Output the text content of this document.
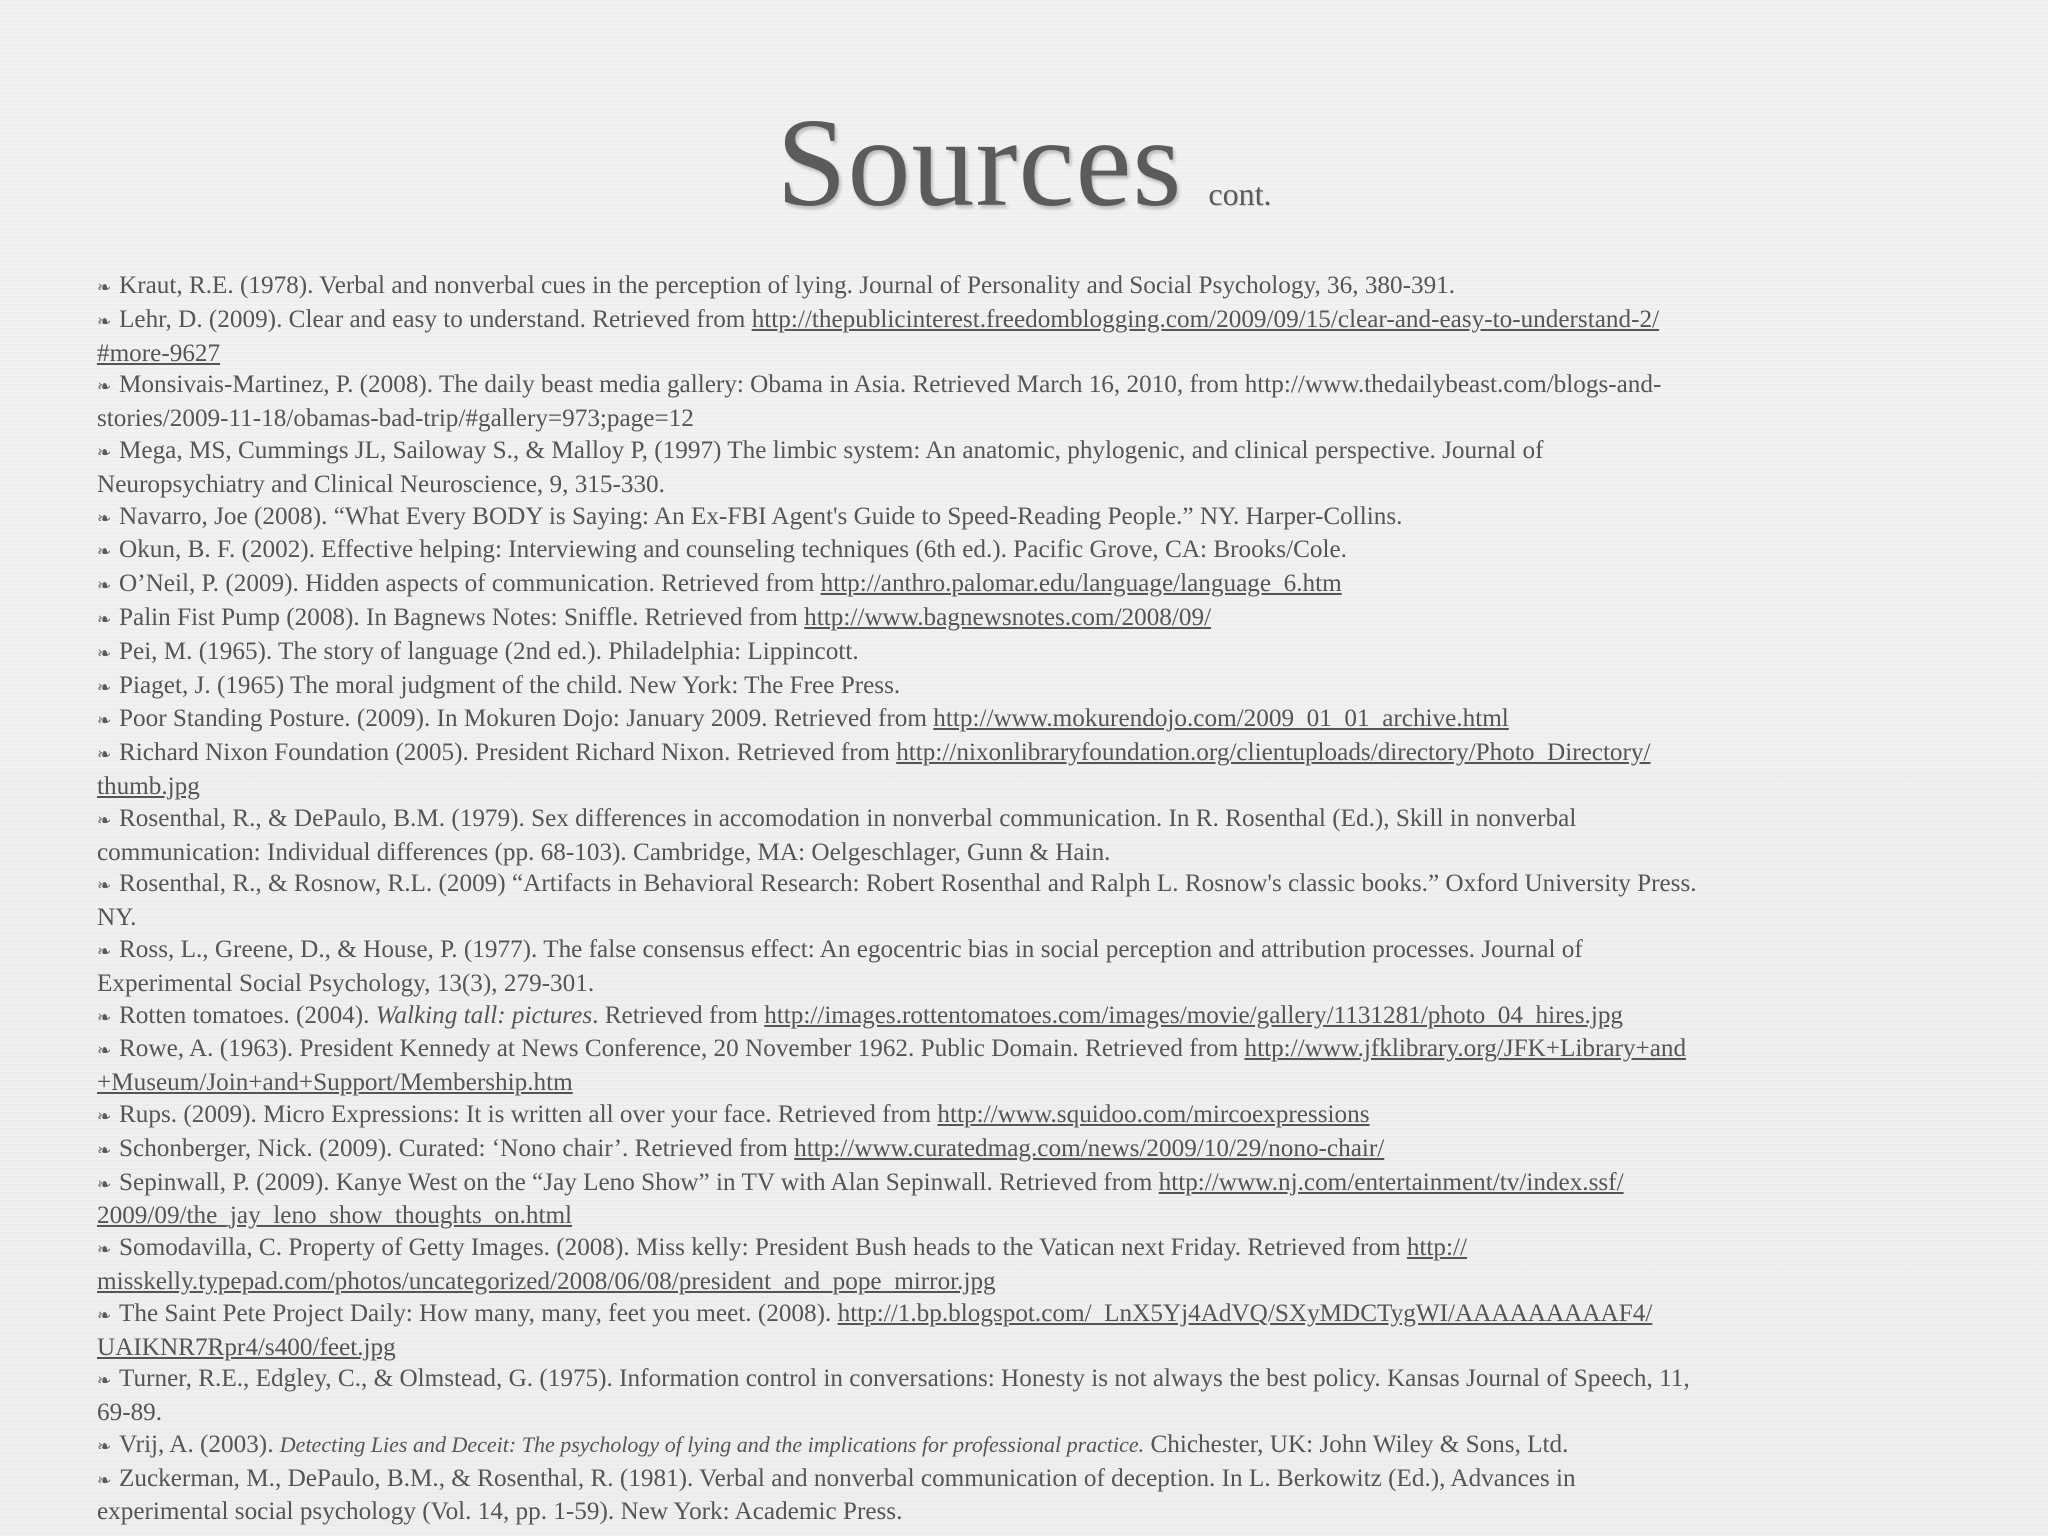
Sources cont.

❧ Kraut, R.E. (1978). Verbal and nonverbal cues in the perception of lying. Journal of Personality and Social Psychology, 36, 380-391.

❧ Lehr, D. (2009). Clear and easy to understand. Retrieved from http://thepublicinterest.freedomblogging.com/2009/09/15/clear-and-easy-to-understand-2/
#more-9627

❧ Monsivais-Martinez, P. (2008). The daily beast media gallery: Obama in Asia. Retrieved March 16, 2010, from http://www.thedailybeast.com/blogs-and-
stories/2009-11-18/obamas-bad-trip/#gallery=973;page=12

❧ Mega, MS, Cummings JL, Sailoway S., & Malloy P, (1997) The limbic system: An anatomic, phylogenic, and clinical perspective. Journal of
Neuropsychiatry and Clinical Neuroscience, 9, 315-330.

❧ Navarro, Joe (2008). “What Every BODY is Saying: An Ex-FBI Agent's Guide to Speed-Reading People.” NY. Harper-Collins.

❧ Okun, B. F. (2002). Effective helping: Interviewing and counseling techniques (6th ed.). Pacific Grove, CA: Brooks/Cole.

❧ O’Neil, P. (2009). Hidden aspects of communication. Retrieved from http://anthro.palomar.edu/language/language_6.htm

❧ Palin Fist Pump (2008). In Bagnews Notes: Sniffle. Retrieved from http://www.bagnewsnotes.com/2008/09/

❧ Pei, M. (1965). The story of language (2nd ed.). Philadelphia: Lippincott.

❧ Piaget, J. (1965) The moral judgment of the child. New York: The Free Press.

❧ Poor Standing Posture. (2009). In Mokuren Dojo: January 2009. Retrieved from http://www.mokurendojo.com/2009_01_01_archive.html

❧ Richard Nixon Foundation (2005). President Richard Nixon. Retrieved from http://nixonlibraryfoundation.org/clientuploads/directory/Photo_Directory/
thumb.jpg

❧ Rosenthal, R., & DePaulo, B.M. (1979). Sex differences in accomodation in nonverbal communication. In R. Rosenthal (Ed.), Skill in nonverbal
communication: Individual differences (pp. 68-103). Cambridge, MA: Oelgeschlager, Gunn & Hain.

❧ Rosenthal, R., & Rosnow, R.L. (2009) “Artifacts in Behavioral Research: Robert Rosenthal and Ralph L. Rosnow's classic books.” Oxford University Press.
NY.

❧ Ross, L., Greene, D., & House, P. (1977). The false consensus effect: An egocentric bias in social perception and attribution processes. Journal of
Experimental Social Psychology, 13(3), 279-301.

❧ Rotten tomatoes. (2004). Walking tall: pictures. Retrieved from http://images.rottentomatoes.com/images/movie/gallery/1131281/photo_04_hires.jpg

❧ Rowe, A. (1963). President Kennedy at News Conference, 20 November 1962. Public Domain. Retrieved from http://www.jfklibrary.org/JFK+Library+and
+Museum/Join+and+Support/Membership.htm

❧ Rups. (2009). Micro Expressions: It is written all over your face. Retrieved from http://www.squidoo.com/mircoexpressions

❧ Schonberger, Nick. (2009). Curated: ‘Nono chair’. Retrieved from http://www.curatedmag.com/news/2009/10/29/nono-chair/

❧ Sepinwall, P. (2009). Kanye West on the “Jay Leno Show” in TV with Alan Sepinwall. Retrieved from http://www.nj.com/entertainment/tv/index.ssf/
2009/09/the_jay_leno_show_thoughts_on.html

❧ Somodavilla, C. Property of Getty Images. (2008). Miss kelly: President Bush heads to the Vatican next Friday. Retrieved from http://
misskelly.typepad.com/photos/uncategorized/2008/06/08/president_and_pope_mirror.jpg

❧ The Saint Pete Project Daily: How many, many, feet you meet. (2008). http://1.bp.blogspot.com/_LnX5Yj4AdVQ/SXyMDCTygWI/AAAAAAAAAF4/
UAIKNR7Rpr4/s400/feet.jpg

❧ Turner, R.E., Edgley, C., & Olmstead, G. (1975). Information control in conversations: Honesty is not always the best policy. Kansas Journal of Speech, 11,
69-89.

❧ Vrij, A. (2003). Detecting Lies and Deceit: The psychology of lying and the implications for professional practice. Chichester, UK: John Wiley & Sons, Ltd.

❧ Zuckerman, M., DePaulo, B.M., & Rosenthal, R. (1981). Verbal and nonverbal communication of deception. In L. Berkowitz (Ed.), Advances in
experimental social psychology (Vol. 14, pp. 1-59). New York: Academic Press.
